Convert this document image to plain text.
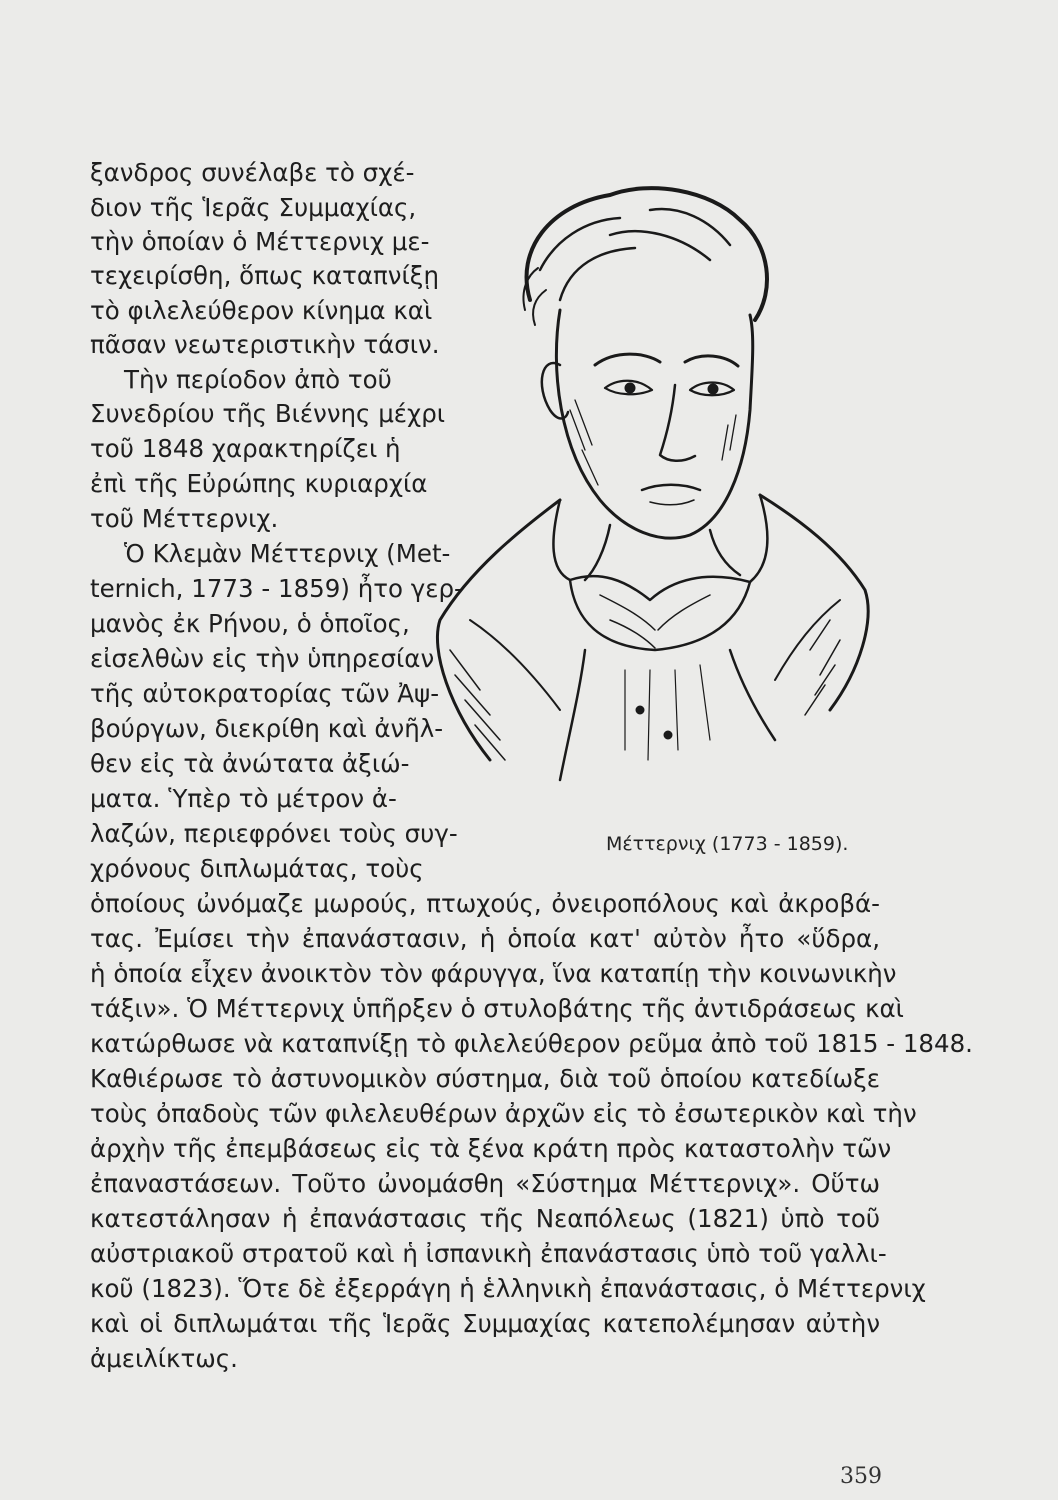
ξανδρος συνέλαβε τὸ σχέ-
διον τῆς Ἱερᾶς Συμμαχίας,
τὴν ὁποίαν ὁ Μέττερνιχ με-
τεχειρίσθη, ὅπως καταπνίξῃ
τὸ φιλελεύθερον κίνημα καὶ
πᾶσαν νεωτεριστικὴν τάσιν.
Τὴν περίοδον ἀπὸ τοῦ
Συνεδρίου τῆς Βιέννης μέχρι
τοῦ 1848 χαρακτηρίζει ἡ
ἐπὶ τῆς Εὐρώπης κυριαρχία
τοῦ Μέττερνιχ.
Ὁ Κλεμὰν Μέττερνιχ (Met-
ternich, 1773 - 1859) ἦτο γερ-
μανὸς ἐκ Ρήνου, ὁ ὁποῖος,
εἰσελθὼν εἰς τὴν ὑπηρεσίαν
τῆς αὐτοκρατορίας τῶν Ἀψ-
βούργων, διεκρίθη καὶ ἀνῆλ-
θεν εἰς τὰ ἀνώτατα ἀξιώ-
ματα. Ὑπὲρ τὸ μέτρον ἀ-
λαζών, περιεφρόνει τοὺς συγ-
χρόνους διπλωμάτας, τοὺς
ὁποίους ὠνόμαζε μωρούς, πτωχούς, ὀνειροπόλους καὶ ἀκροβά-
τας. Ἐμίσει τὴν ἐπανάστασιν, ἡ ὁποία κατ' αὐτὸν ἦτο «ὕδρα,
ἡ ὁποία εἶχεν ἀνοικτὸν τὸν φάρυγγα, ἵνα καταπίῃ τὴν κοινωνικὴν
τάξιν». Ὁ Μέττερνιχ ὑπῆρξεν ὁ στυλοβάτης τῆς ἀντιδράσεως καὶ
κατώρθωσε νὰ καταπνίξῃ τὸ φιλελεύθερον ρεῦμα ἀπὸ τοῦ 1815 - 1848.
Καθιέρωσε τὸ ἀστυνομικὸν σύστημα, διὰ τοῦ ὁποίου κατεδίωξε
τοὺς ὀπαδοὺς τῶν φιλελευθέρων ἀρχῶν εἰς τὸ ἐσωτερικὸν καὶ τὴν
ἀρχὴν τῆς ἐπεμβάσεως εἰς τὰ ξένα κράτη πρὸς καταστολὴν τῶν
ἐπαναστάσεων. Τοῦτο ὠνομάσθη «Σύστημα Μέττερνιχ». Οὕτω
κατεστάλησαν ἡ ἐπανάστασις τῆς Νεαπόλεως (1821) ὑπὸ τοῦ
αὐστριακοῦ στρατοῦ καὶ ἡ ἰσπανικὴ ἐπανάστασις ὑπὸ τοῦ γαλλι-
κοῦ (1823). Ὅτε δὲ ἐξερράγη ἡ ἑλληνικὴ ἐπανάστασις, ὁ Μέττερνιχ
καὶ οἱ διπλωμάται τῆς Ἱερᾶς Συμμαχίας κατεπολέμησαν αὐτὴν
ἀμειλίκτως.
Μέττερνιχ (1773 - 1859).
359
